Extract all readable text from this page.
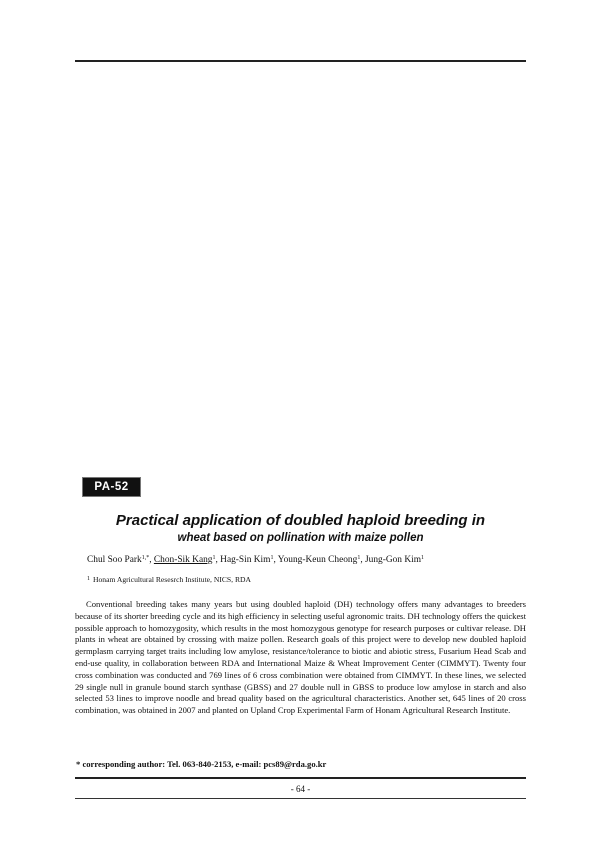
PA-52
Practical application of doubled haploid breeding in
wheat based on pollination with maize pollen
Chul Soo Park$^{1,*}$, Chon-Sik Kang$^1$, Hag-Sin Kim$^1$, Young-Keun Cheong$^1$, Jung-Gon Kim$^1$
$^1$ Honam Agricultural Resesrch Institute, NICS, RDA

Conventional breeding takes many years but using doubled haploid (DH) technology offers many advantages to breeders because of its shorter breeding cycle and its high efficiency in selecting useful agronomic traits. DH technology offers the quickest possible approach to homozygosity, which results in the most homozygous genotype for research purposes or cultivar release. DH plants in wheat are obtained by crossing with maize pollen. Research goals of this project were to develop new doubled haploid germplasm carrying target traits including low amylose, resistance/tolerance to biotic and abiotic stress, Fusarium Head Scab and end-use quality, in collaboration between RDA and International Maize & Wheat Improvement Center (CIMMYT). Twenty four cross combination was conducted and 769 lines of 6 cross combination were obtained from CIMMYT. In these lines, we selected 29 single null in granule bound starch synthase (GBSS) and 27 double null in GBSS to produce low amylose in starch and also selected 53 lines to improve noodle and bread quality based on the agricultural characteristics. Another set, 645 lines of 20 cross combination, was obtained in 2007 and planted on Upland Crop Experimental Farm of Honam Agricultural Research Institute.

* corresponding author: Tel. 063-840-2153, e-mail: pcs89@rda.go.kr
- 64 -
